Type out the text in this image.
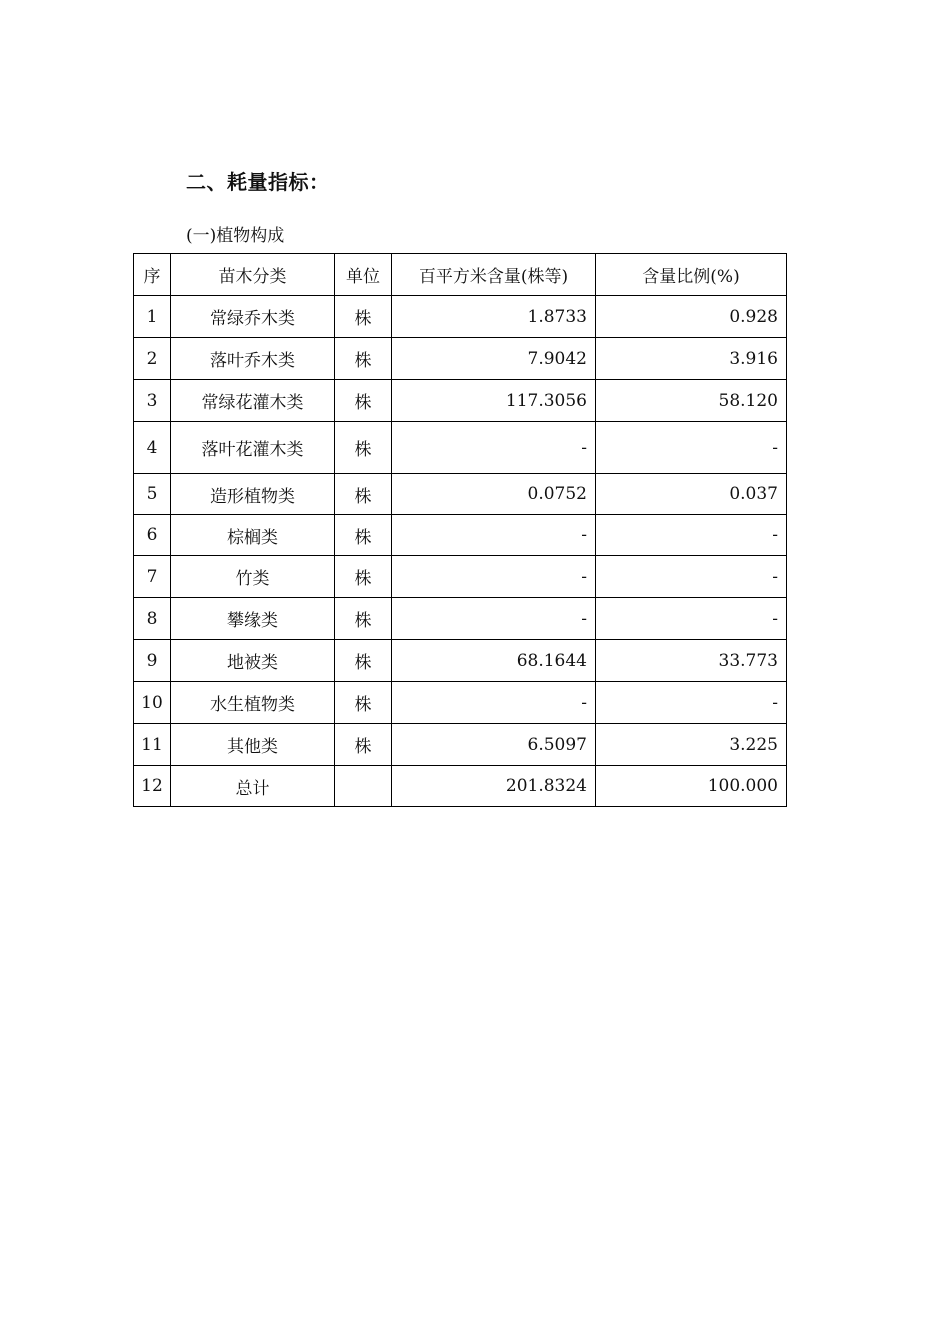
二、耗量指标：
(一)植物构成
序	苗木分类	单位	百平方米含量(株等)	含量比例(%)
1	常绿乔木类	株	1.8733	0.928
2	落叶乔木类	株	7.9042	3.916
3	常绿花灌木类	株	117.3056	58.120
4	落叶花灌木类	株	-	-
5	造形植物类	株	0.0752	0.037
6	棕榈类	株	-	-
7	竹类	株	-	-
8	攀缘类	株	-	-
9	地被类	株	68.1644	33.773
10	水生植物类	株	-	-
11	其他类	株	6.5097	3.225
12	总计		201.8324	100.000
